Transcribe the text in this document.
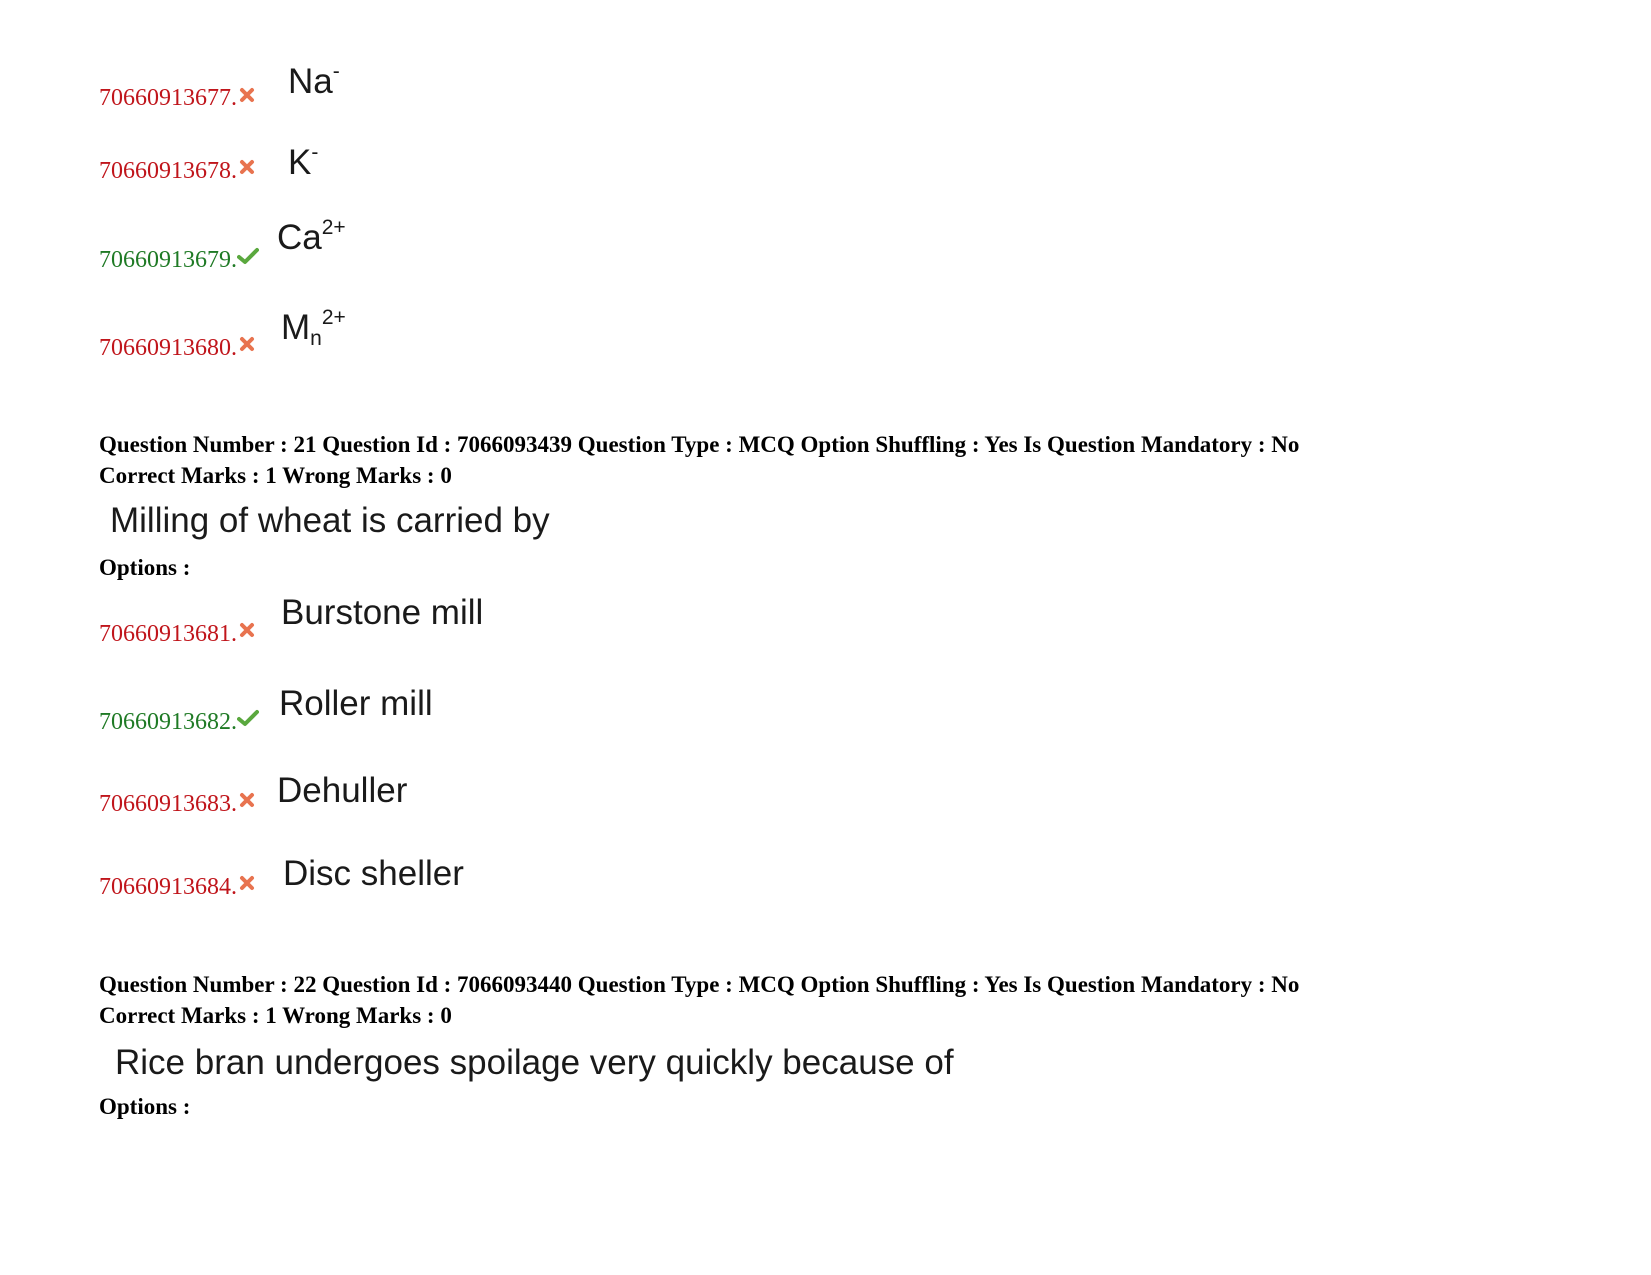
70660913677. Na-
70660913678. K-
70660913679.
$Ca^{2+}$
70660913680.
$M_n^{2+}$
Question Number : 21 Question Id : 7066093439 Question Type : MCQ Option Shuffling : Yes Is Question Mandatory : No
Correct Marks : 1 Wrong Marks : 0
Milling of wheat is carried by
Options :
70660913681.
Burstone mill
70660913682. Roller mill
70660913683. Dehuller
70660913684. Disc sheller
Question Number : 22 Question Id : 7066093440 Question Type : MCQ Option Shuffling : Yes Is Question Mandatory : No
Correct Marks : 1 Wrong Marks : 0
Rice bran undergoes spoilage very quickly because of
Options :
